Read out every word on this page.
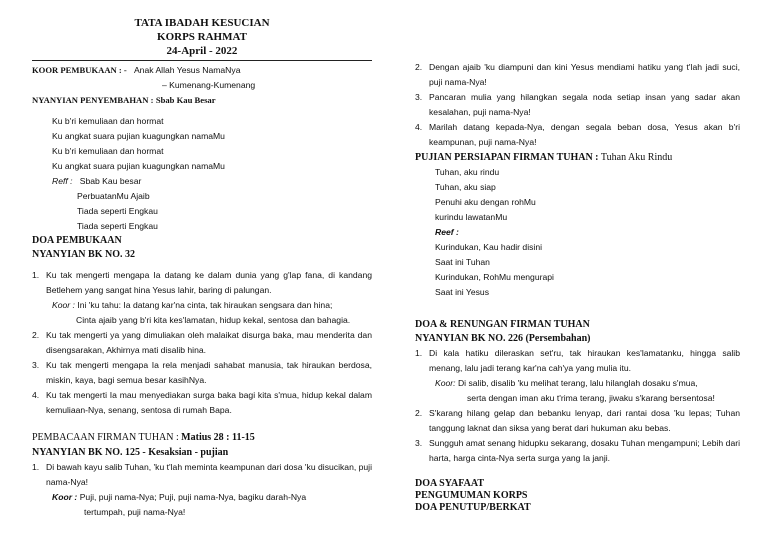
TATA IBADAH KESUCIAN
KORPS RAHMAT
24-April - 2022
KOOR PEMBUKAAN : - Anak Allah Yesus NamaNya
– Kumenang-Kumenang
NYANYIAN PENYEMBAHAN : Sbab Kau Besar
Ku b'ri kemuliaan dan hormat
Ku angkat suara pujian kuagungkan namaMu
Ku b'ri kemuliaan dan hormat
Ku angkat suara pujian kuagungkan namaMu
Reff : Sbab Kau besar
PerbuatanMu Ajaib
Tiada seperti Engkau
Tiada seperti Engkau
DOA PEMBUKAAN
NYANYIAN BK NO. 32
1. Ku tak mengerti mengapa Ia datang ke dalam dunia yang g'lap fana, di kandang Betlehem yang sangat hina Yesus lahir, baring di palungan.
Koor : Ini 'ku tahu: Ia datang kar'na cinta, tak hiraukan sengsara dan hina;
Cinta ajaib yang b'ri kita kes'lamatan, hidup kekal, sentosa dan bahagia.
2. Ku tak mengerti ya yang dimuliakan oleh malaikat disurga baka, mau menderita dan disengsarakan, Akhirnya mati disalib hina.
3. Ku tak mengerti mengapa Ia rela menjadi sahabat manusia, tak hiraukan berdosa, miskin, kaya, bagi semua besar kasihNya.
4. Ku tak mengerti Ia mau menyediakan surga baka bagi kita s'mua, hidup kekal dalam kemuliaan-Nya, senang, sentosa di rumah Bapa.
PEMBACAAN FIRMAN TUHAN : Matius 28 : 11-15
NYANYIAN BK NO. 125 - Kesaksian - pujian
1. Di bawah kayu salib Tuhan, 'ku t'lah meminta keampunan dari dosa 'ku disucikan, puji nama-Nya!
Koor : Puji, puji nama-Nya; Puji, puji nama-Nya, bagiku darah-Nya
tertumpah, puji nama-Nya!
2. Dengan ajaib 'ku diampuni dan kini Yesus mendiami hatiku yang t'lah jadi suci, puji nama-Nya!
3. Pancaran mulia yang hilangkan segala noda setiap insan yang sadar akan kesalahan, puji nama-Nya!
4. Marilah datang kepada-Nya, dengan segala beban dosa, Yesus akan b'ri keampunan, puji nama-Nya!
PUJIAN PERSIAPAN FIRMAN TUHAN : Tuhan Aku Rindu
Tuhan, aku rindu
Tuhan, aku siap
Penuhi aku dengan rohMu
kurindu lawatanMu
Reef :
Kurindukan, Kau hadir disini
Saat ini Tuhan
Kurindukan, RohMu mengurapi
Saat ini Yesus
DOA & RENUNGAN FIRMAN TUHAN
NYANYIAN BK NO. 226 (Persembahan)
1. Di kala hatiku dileraskan set'ru, tak hiraukan kes'lamatanku, hingga salib menang, lalu jadi terang kar'na cah'ya yang mulia itu.
Koor: Di salib, disalib 'ku melihat terang, lalu hilanglah dosaku s'mua,
serta dengan iman aku t'rima terang, jiwaku s'karang bersentosa!
2. S'karang hilang gelap dan bebanku lenyap, dari rantai dosa 'ku lepas; Tuhan tanggung laknat dan siksa yang berat dari hukuman aku bebas.
3. Sungguh amat senang hidupku sekarang, dosaku Tuhan mengampuni; Lebih dari harta, harga cinta-Nya serta surga yang Ia janji.
DOA SYAFAAT
PENGUMUMAN KORPS
DOA PENUTUP/BERKAT
